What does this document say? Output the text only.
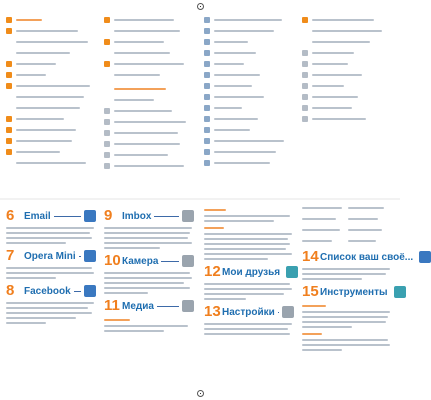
6 Email
7 Opera Mini
8 Facebook
9 Imbox
10 Камера
11 Медиа
12 Мои друзья
13 Настройки
14 Список ваш своё...
15 Инструменты
